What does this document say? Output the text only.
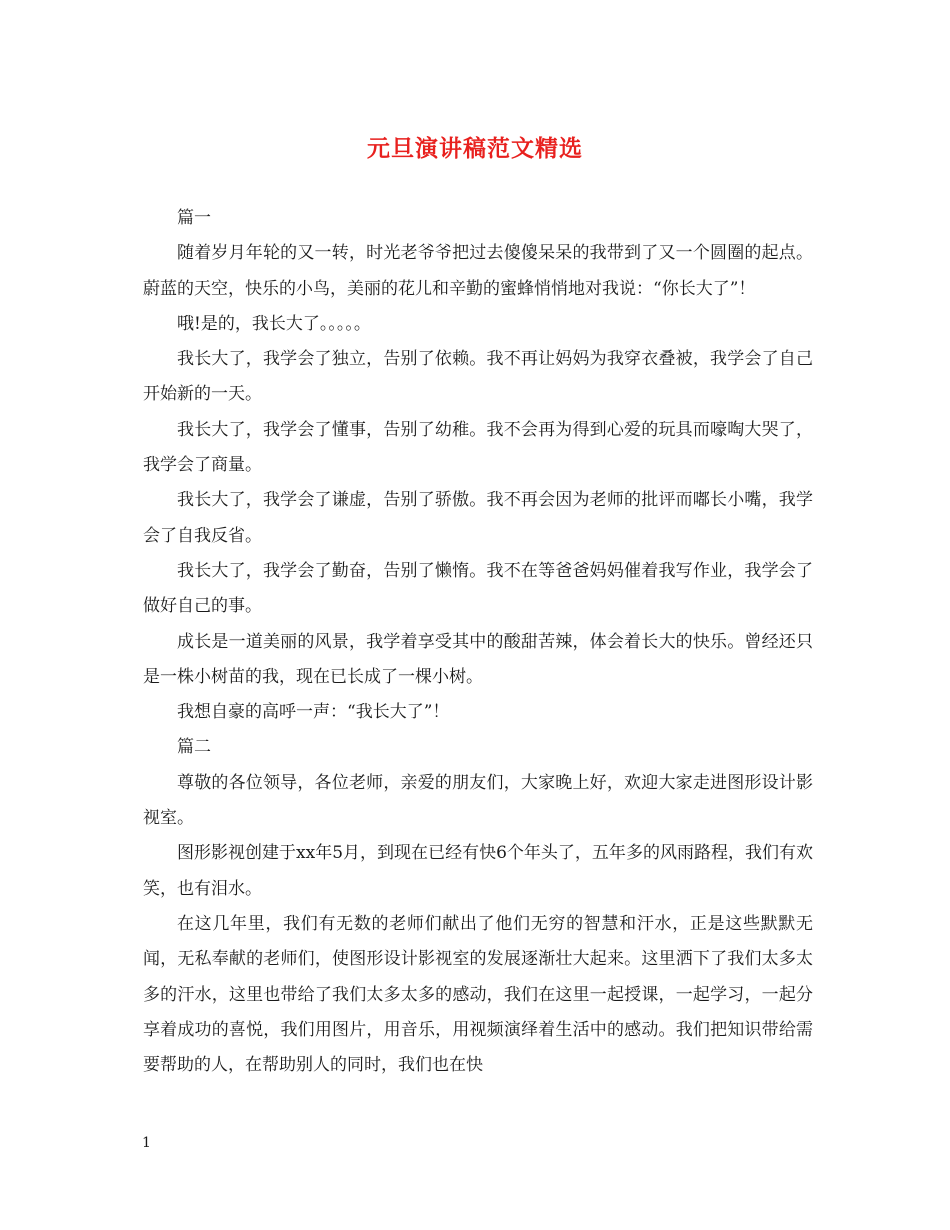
元旦演讲稿范文精选

篇一

随着岁月年轮的又一转，时光老爷爷把过去傻傻呆呆的我带到了又一个圆圈的起点。蔚蓝的天空，快乐的小鸟，美丽的花儿和辛勤的蜜蜂悄悄地对我说：“你长大了”！

哦!是的，我长大了。。。。。

我长大了，我学会了独立，告别了依赖。我不再让妈妈为我穿衣叠被，我学会了自己开始新的一天。

我长大了，我学会了懂事，告别了幼稚。我不会再为得到心爱的玩具而嚎啕大哭了，我学会了商量。

我长大了，我学会了谦虚，告别了骄傲。我不再会因为老师的批评而嘟长小嘴，我学会了自我反省。

我长大了，我学会了勤奋，告别了懒惰。我不在等爸爸妈妈催着我写作业，我学会了做好自己的事。

成长是一道美丽的风景，我学着享受其中的酸甜苦辣，体会着长大的快乐。曾经还只是一株小树苗的我，现在已长成了一棵小树。

我想自豪的高呼一声：“我长大了”！

篇二

尊敬的各位领导，各位老师，亲爱的朋友们，大家晚上好，欢迎大家走进图形设计影视室。

图形影视创建于xx年5月，到现在已经有快6个年头了，五年多的风雨路程，我们有欢笑，也有泪水。

在这几年里，我们有无数的老师们献出了他们无穷的智慧和汗水，正是这些默默无闻，无私奉献的老师们，使图形设计影视室的发展逐渐壮大起来。这里洒下了我们太多太多的汗水，这里也带给了我们太多太多的感动，我们在这里一起授课，一起学习，一起分享着成功的喜悦，我们用图片，用音乐，用视频演绎着生活中的感动。我们把知识带给需要帮助的人，在帮助别人的同时，我们也在快

1
